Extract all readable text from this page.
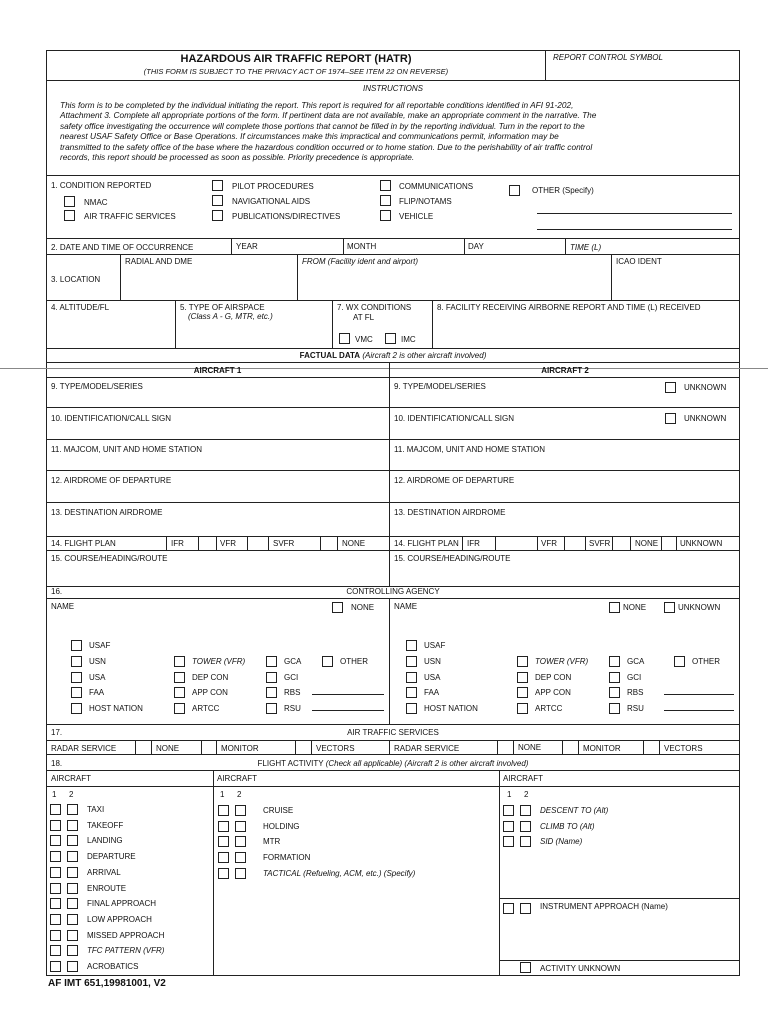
HAZARDOUS AIR TRAFFIC REPORT (HATR)
(THIS FORM IS SUBJECT TO THE PRIVACY ACT OF 1974–SEE ITEM 22 ON REVERSE)
REPORT CONTROL SYMBOL
INSTRUCTIONS
This form is to be completed by the individual initiating the report. This report is required for all reportable conditions identified in AFI 91-202,
Attachment 3. Complete all appropriate portions of the form. If pertinent data are not available, make an appropriate comment in the narrative. The
safety office investigating the occurrence will complete those portions that cannot be filled in by the reporting individual. Turn in the report to the
nearest USAF Safety Office or Base Operations. If circumstances make this impractical and communications permit, information may be
transmitted to the safety office of the base where the hazardous condition occurred or to home station. Due to the perishability of air traffic control
records, this report should be processed as soon as possible. Priority precedence is appropriate.
1. CONDITION REPORTED
NMAC
AIR TRAFFIC SERVICES
PILOT PROCEDURES
NAVIGATIONAL AIDS
PUBLICATIONS/DIRECTIVES
COMMUNICATIONS
FLIP/NOTAMS
VEHICLE
OTHER (Specify)
2. DATE AND TIME OF OCCURRENCE	YEAR	MONTH	DAY	TIME (L)
3. LOCATION
RADIAL AND DME	FROM (Facility ident and airport)	ICAO IDENT
4. ALTITUDE/FL	5. TYPE OF AIRSPACE
(Class A - G, MTR, etc.)
7. WX CONDITIONS
AT FL
VMC	IMC
8. FACILITY RECEIVING AIRBORNE REPORT AND TIME (L) RECEIVED
FACTUAL DATA (Aircraft 2 is other aircraft involved)
AIRCRAFT 1	AIRCRAFT 2
9. TYPE/MODEL/SERIES	9. TYPE/MODEL/SERIES	UNKNOWN
10. IDENTIFICATION/CALL SIGN	10. IDENTIFICATION/CALL SIGN	UNKNOWN
11. MAJCOM, UNIT AND HOME STATION	11. MAJCOM, UNIT AND HOME STATION
12. AIRDROME OF DEPARTURE	12. AIRDROME OF DEPARTURE
13. DESTINATION AIRDROME	13. DESTINATION AIRDROME
14. FLIGHT PLAN	IFR	VFR	SVFR	NONE	14. FLIGHT PLAN IFR	VFR	SVFR	NONE	UNKNOWN
15. COURSE/HEADING/ROUTE	15. COURSE/HEADING/ROUTE
16.	CONTROLLING AGENCY
NAME	NONE NAME	NONE	UNKNOWN
USAF
USN
USA
FAA
HOST NATION
TOWER (VFR)
DEP CON
APP CON
ARTCC
GCA
GCI
RBS
RSU
OTHER
USAF
USN
USA
FAA
HOST NATION
TOWER (VFR)
DEP CON
APP CON
ARTCC
GCA
GCI
RBS
RSU
OTHER
17.	AIR TRAFFIC SERVICES
RADAR SERVICE	NONE	MONITOR	VECTORS	RADAR SERVICE	NONE	MONITOR	VECTORS
18.	FLIGHT ACTIVITY (Check all applicable) (Aircraft 2 is other aircraft involved)
AIRCRAFT	AIRCRAFT	AIRCRAFT
1 2	1 2	1 2
TAXI
TAKEOFF
LANDING
DEPARTURE
ARRIVAL
ENROUTE
FINAL APPROACH
LOW APPROACH
MISSED APPROACH
TFC PATTERN (VFR)
ACROBATICS
CRUISE
HOLDING
MTR
FORMATION
TACTICAL (Refueling, ACM, etc.) (Specify)
DESCENT TO (Alt)
CLIMB TO (Alt)
SID (Name)
INSTRUMENT APPROACH (Name)
ACTIVITY UNKNOWN
AF IMT 651,19981001, V2
